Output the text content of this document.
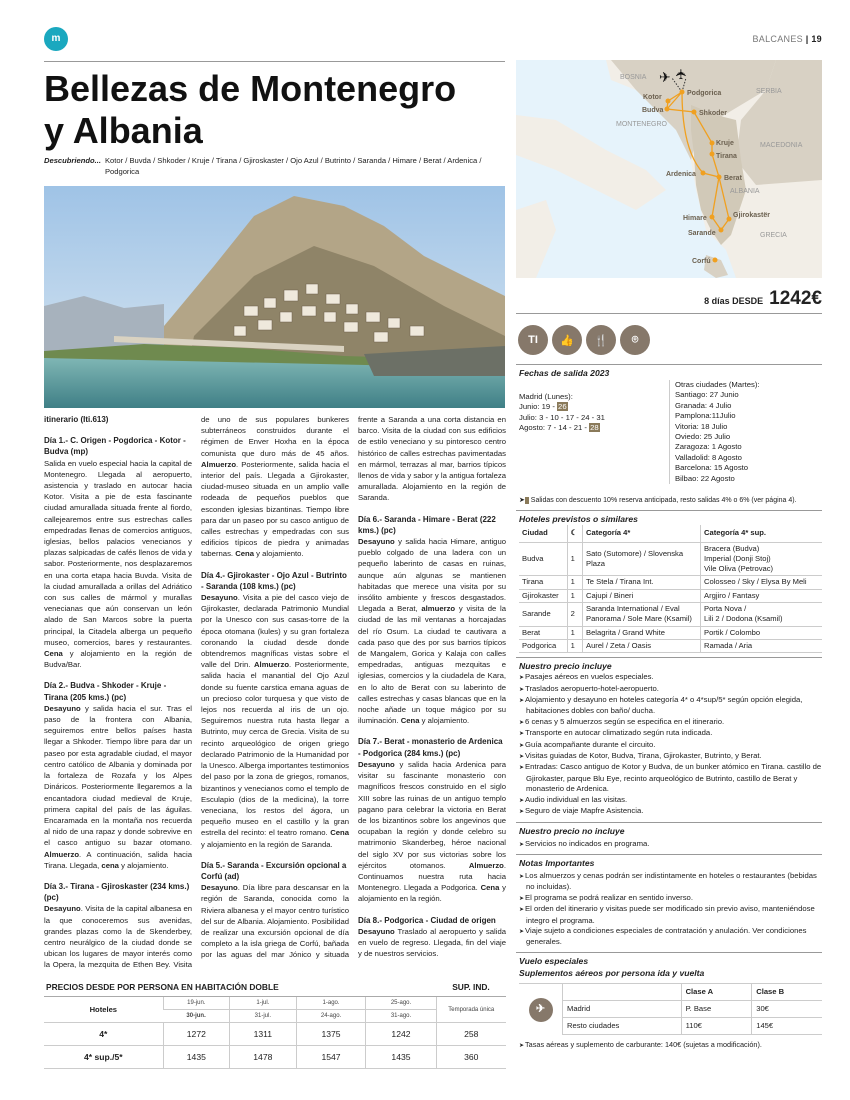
m	BALCANES | 19
Bellezas de Montenegro
y Albania
Descubriendo... Kotor / Buvda / Shkoder / Kruje / Tirana / Gjiroskaster / Ojo Azul / Butrinto / Saranda / Himare / Berat / Ardenica / Podgorica
itinerario (Iti.613)
Día 1.- C. Origen - Pogdorica - Kotor - Budva (mp)

Salida en vuelo especial hacia la capital de Montenegro. Llegada al aeropuerto, asistencia y traslado en autocar hacia Kotor. Visita a pie de esta fascinante ciudad amurallada situada frente al fiordo, callejearemos entre sus estrechas calles empedradas llenas de comercios antiguos, iglesias, bellos palacios venecianos y plazas salpicadas de cafés llenos de vida y sabor. Posteriormente, nos desplazaremos en una corta etapa hacia Buvda. Visita de la ciudad amurallada a orillas del Adriático con sus calles de mármol y murallas venecianas que aún conservan un león alado de San Marcos sobre la puerta principal, la Citadela alberga un pequeño museo, comercios, bares y restaurantes. Cena y alojamiento en la región de Budva/Bar.

Día 2.- Budva - Shkoder - Kruje - Tirana (205 kms.) (pc)

Desayuno y salida hacia el sur. Tras el paso de la frontera con Albania, seguiremos entre bellos países hasta llegar a Shkoder. Tiempo libre para dar un paseo por esta agradable ciudad, el mayor centro católico de Albania y dominada por la fortaleza de Rozafa y los Alpes Dináricos. Posteriormente llegaremos a la encantadora ciudad medieval de Kruje, primera capital del país de las águilas. Encaramada en la montaña nos recuerda al nido de una rapaz y donde sobrevive en el casco antiguo su bazar otomano. Almuerzo. A continuación, salida hacia Tirana. Llegada, cena y alojamiento.

Día 3.- Tirana - Gjiroskaster (234 kms.) (pc)

Desayuno. Visita de la capital albanesa en la que conoceremos sus avenidas, grandes plazas como la de Skenderbey, centro neurálgico de la ciudad donde se ubican los lugares de mayor interés como la Opera, la mezquita de Ethen Bey. Visita de uno de sus populares bunkeres subterráneos construidos durante el régimen de Enver Hoxha en la época comunista que duro más de 45 años. Almuerzo. Posteriormente, salida hacia el interior del país. Llegada a Gjirokaster, ciudad-museo situada en un amplio valle rodeada de pequeños pueblos que esconden iglesias bizantinas. Tiempo libre para dar un paseo por su casco antiguo de calles estrechas y empedradas con sus edificios típicos de piedra y animadas tabernas. Cena y alojamiento.

Día 4.- Gjirokaster - Ojo Azul - Butrinto - Saranda (108 kms.) (pc)

Desayuno. Visita a pie del casco viejo de Gjirokaster, declarada Patrimonio Mundial por la Unesco con sus casas-torre de la época otomana (kules) y su gran fortaleza coronando la ciudad desde donde obtendremos magníficas vistas sobre el valle del Drin. Almuerzo. Posteriormente, salida hacia el manantial del Ojo Azul donde su fuente carstica emana aguas de un precioso color turquesa y que visto de lejos nos recuerda al iris de un ojo. Seguiremos nuestra ruta hasta llegar a Butrinto, muy cerca de Grecia. Visita de su recinto arqueológico de origen griego declarado Patrimonio de la Humanidad por la Unesco. Alberga importantes testimonios del paso por la zona de griegos, romanos, bizantinos y venecianos como el templo de Esculapio (dios de la medicina), la torre veneciana, los restos del ágora, un pequeño museo en el castillo y la gran estrella del recinto: el teatro romano. Cena y alojamiento en la región de Saranda.

Día 5.- Saranda - Excursión opcional a Corfú (ad)

Desayuno. Día libre para descansar en la región de Saranda, conocida como la Riviera albanesa y el mayor centro turístico del sur de Albania. Alojamiento. Posibilidad de realizar una excursión opcional de día completo a la isla griega de Corfú, bañada por las aguas del mar Jónico y situada frente a Saranda a una corta distancia en barco. Visita de la ciudad con sus edificios de estilo veneciano y su pintoresco centro histórico de calles estrechas pavimentadas en mármol, terrazas al mar, barrios típicos llenos de vida y sabor y la antigua fortaleza amurallada. Alojamiento en la región de Saranda.

Día 6.- Saranda - Himare - Berat (222 kms.) (pc)

Desayuno y salida hacia Himare, antiguo pueblo colgado de una ladera con un pequeño laberinto de casas en ruinas, aunque aún algunas se mantienen habitadas que merece una visita por su insólito ambiente y frescos desgastados. Llegada a Berat, almuerzo y visita de la ciudad de las mil ventanas a horcajadas del río Osum. La ciudad te cautivara a cada paso que des por sus barrios típicos de Mangalem, Gorica y Kalaja con calles empedradas, antiguas mezquitas e iglesias, comercios y la ciudadela de Kara, en lo alto de Berat con su laberinto de calles estrechas y casas blancas que en la noche añade un toque mágico por su iluminación. Cena y alojamiento.

Día 7.- Berat - monasterio de Ardenica - Podgorica (284 kms.) (pc)

Desayuno y salida hacia Ardenica para visitar su fascinante monasterio con magníficos frescos construido en el siglo XIII sobre las ruinas de un antiguo templo pagano para celebrar la victoria en Berat de los bizantinos sobre los angevinos que ocupaban la región y donde celebro su matrimonio Skanderbeg, héroe nacional del siglo XV por sus victorias sobre los ejércitos otomanos. Almuerzo. Continuamos nuestra ruta hacia Montenegro. Llegada a Podgorica. Cena y alojamiento en la región.

Día 8.- Podgorica - Ciudad de origen

Desayuno Traslado al aeropuerto y salida en vuelo de regreso. Llegada, fin del viaje y de nuestros servicios.

PRECIOS DESDE POR PERSONA EN HABITACIÓN DOBLE					SUP. IND.
Hoteles	19-jun.	1-jul.	1-ago.	25-ago.	Temporada única
	30-jun.	31-jul.	24-ago.	31-ago.	
4*	1272	1311	1375	1242	258
4* sup./5*	1435	1478	1547	1435	360
BOSNIA
SERBIA
MONTENEGRO
MACEDONIA
ALBANIA
GRECIA
✈ ✈
Podgorica
Kotor
Budva	Shkoder
Kruje
Tirana
Ardenica
Berat
Himare	Gjirokastër
Sarande
Corfú
8 días DESDE 1242€
TI	👍	🍴	⌾
Fechas de salida 2023
Madrid (Lunes):
Junio: 19 - 26
Julio: 3 - 10 - 17 - 24 - 31
Agosto: 7 - 14 - 21 - 28
Otras ciudades (Martes):
Santiago: 27 Junio
Granada: 4 Julio
Pamplona:11Julio
Vitoria: 18 Julio
Oviedo: 25 Julio
Zaragoza: 1 Agosto
Valladolid: 8 Agosto
Barcelona: 15 Agosto
Bilbao: 22 Agosto
➤ Salidas con descuento 10% reserva anticipada, resto salidas 4% o 6% (ver página 4).
Hoteles previstos o similares
Ciudad	☾	Categoría 4*	Categoría 4* sup.
Budva	1	Sato (Sutomore) / Slovenska Plaza	Bracera (Budva)
Imperial (Donji Stoj)
Vile Oliva (Petrovac)
Tirana	1	Te Stela / Tirana Int.	Colosseo / Sky / Elysa By Meli
Gjirokaster	1	Cajupi / Bineri	Argjiro / Fantasy
Sarande	2	Saranda International / Eval Panorama / Sole Mare (Ksamil)	Porta Nova /
Lili 2 / Dodona (Ksamil)
Berat	1	Belagrita / Grand White	Portik / Colombo
Podgorica	1	Aurel / Zeta / Oasis	Ramada / Aria
Nuestro precio incluye
➤ Pasajes aéreos en vuelos especiales.
➤ Traslados aeropuerto-hotel-aeropuerto.
➤ Alojamiento y desayuno en hoteles categoría 4* o 4*sup/5* según opción elegida, habitaciones dobles con baño/ ducha.
➤ 6 cenas y 5 almuerzos según se especifica en el itinerario.
➤ Transporte en autocar climatizado según ruta indicada.
➤ Guía acompañante durante el circuito.
➤ Visitas guiadas de Kotor, Budva, Tirana, Gjirokaster, Butrinto, y Berat.
➤ Entradas: Casco antiguo de Kotor y Budva, de un bunker atómico en Tirana. castillo de Gjirokaster, parque Blu Eye, recinto arqueológico de Butrinto, castillo de Berat y monasterio de Ardenica.
➤ Audio individual en las visitas.
➤ Seguro de viaje Mapfre Asistencia.
Nuestro precio no incluye
➤ Servicios no indicados en programa.
Notas Importantes
➤ Los almuerzos y cenas podrán ser indistintamente en hoteles o restaurantes (bebidas no incluidas).
➤ El programa se podrá realizar en sentido inverso.
➤ El orden del itinerario y visitas puede ser modificado sin previo aviso, manteniéndose integro el programa.
➤ Viaje sujeto a condiciones especiales de contratación y anulación. Ver condiciones generales.
Vuelo especiales
Suplementos aéreos por persona ida y vuelta
✈
	Clase A	Clase B
Madrid	P. Base	30€
Resto ciudades	110€	145€
➤ Tasas aéreas y suplemento de carburante: 140€ (sujetas a modificación).
